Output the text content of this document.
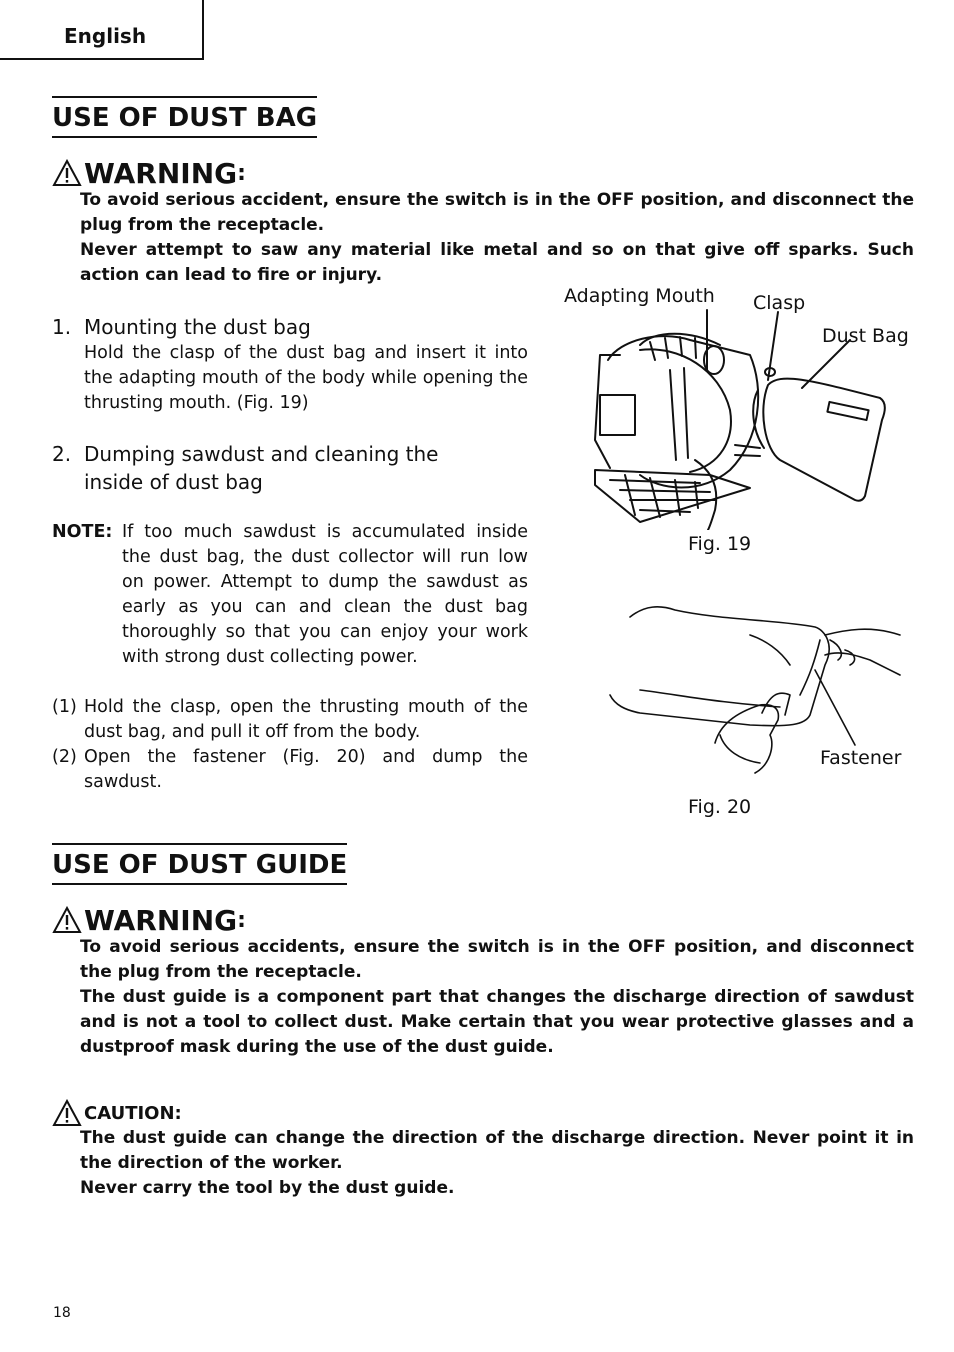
English
USE OF DUST BAG
WARNING :

To avoid serious accident, ensure the switch is in the OFF position, and disconnect the plug from the receptacle.

Never attempt to saw any material like metal and so on that give off sparks. Such action can lead to fire or injury.

1. Mounting the dust bag
Hold the clasp of the dust bag and insert it into the adapting mouth of the body while opening the thrusting mouth. (Fig. 19)
2. Dumping sawdust and cleaning the inside of dust bag
NOTE: If too much sawdust is accumulated inside the dust bag, the dust collector will run low on power. Attempt to dump the sawdust as early as you can and clean the dust bag thoroughly so that you can enjoy your work with strong dust collecting power.
(1) Hold the clasp, open the thrusting mouth of the dust bag, and pull it off from the body.
(2) Open the fastener (Fig. 20) and dump the sawdust.
Adapting Mouth Clasp
Dust Bag
Fig. 19
Fastener
Fig. 20
USE OF DUST GUIDE
WARNING :

To avoid serious accidents, ensure the switch is in the OFF position, and disconnect the plug from the receptacle.

The dust guide is a component part that changes the discharge direction of sawdust and is not a tool to collect dust. Make certain that you wear protective glasses and a dustproof mask during the use of the dust guide.

CAUTION:

The dust guide can change the direction of the discharge direction. Never point it in the direction of the worker.

Never carry the tool by the dust guide.

18
